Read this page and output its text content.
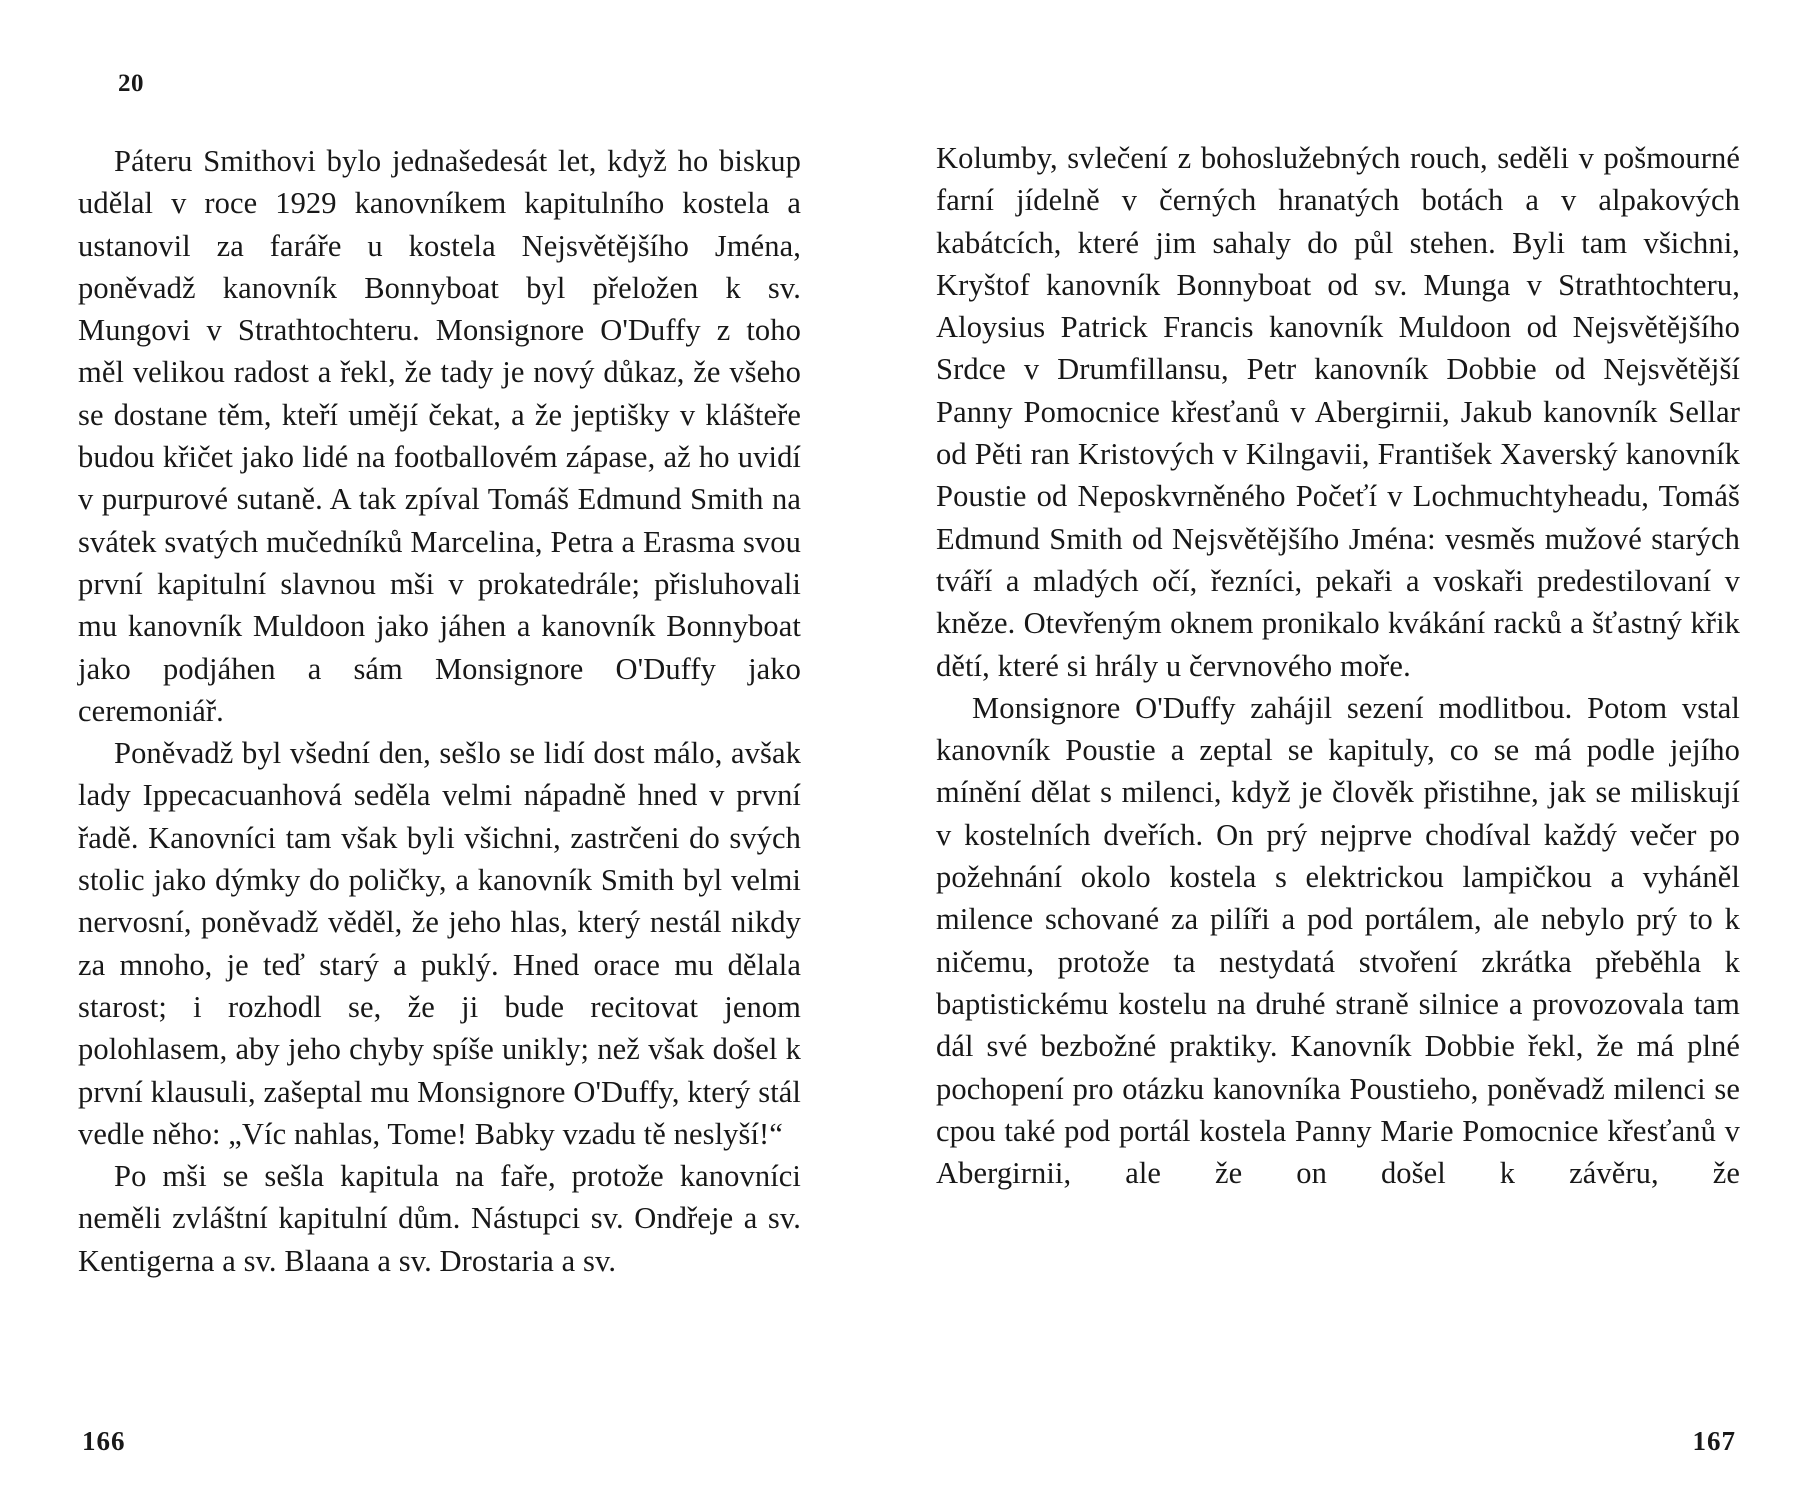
20

Páteru Smithovi bylo jednašedesát let, když ho biskup udělal v roce 1929 kanovníkem kapitulního kostela a ustanovil za faráře u kostela Nejsvětějšího Jména, poněvadž kanovník Bonnyboat byl přeložen k sv. Mungovi v Strathtochteru. Monsignore O'Duffy z toho měl velikou radost a řekl, že tady je nový důkaz, že všeho se dostane těm, kteří umějí čekat, a že jeptišky v klášteře budou křičet jako lidé na footballovém zápase, až ho uvidí v purpurové sutaně. A tak zpíval Tomáš Edmund Smith na svátek svatých mučedníků Marcelina, Petra a Erasma svou první kapitulní slavnou mši v prokatedrále; přisluhovali mu kanovník Muldoon jako jáhen a kanovník Bonnyboat jako podjáhen a sám Monsignore O'Duffy jako ceremoniář.

Poněvadž byl všední den, sešlo se lidí dost málo, avšak lady Ippecacuanhová seděla velmi nápadně hned v první řadě. Kanovníci tam však byli všichni, zastrčeni do svých stolic jako dýmky do poličky, a kanovník Smith byl velmi nervosní, poněvadž věděl, že jeho hlas, který nestál nikdy za mnoho, je teď starý a puklý. Hned orace mu dělala starost; i rozhodl se, že ji bude recitovat jenom polohlasem, aby jeho chyby spíše unikly; než však došel k první klausuli, zašeptal mu Monsignore O'Duffy, který stál vedle něho: „Víc nahlas, Tome! Babky vzadu tě neslyší!“

Po mši se sešla kapitula na faře, protože kanovníci neměli zvláštní kapitulní dům. Nástupci sv. Ondřeje a sv. Kentigerna a sv. Blaana a sv. Drostaria a sv.

166

Kolumby, svlečení z bohoslužebných rouch, seděli v pošmourné farní jídelně v černých hranatých botách a v alpakových kabátcích, které jim sahaly do půl stehen. Byli tam všichni, Kryštof kanovník Bonnyboat od sv. Munga v Strathtochteru, Aloysius Patrick Francis kanovník Muldoon od Nejsvětějšího Srdce v Drumfillansu, Petr kanovník Dobbie od Nejsvětější Panny Pomocnice křesťanů v Abergirnii, Jakub kanovník Sellar od Pěti ran Kristových v Kilngavii, František Xaverský kanovník Poustie od Neposkvrněného Počeťí v Lochmuchtyheadu, Tomáš Edmund Smith od Nejsvětějšího Jména: vesměs mužové starých tváří a mladých očí, řezníci, pekaři a voskaři predestilovaní v kněze. Otevřeným oknem pronikalo kvákání racků a šťastný křik dětí, které si hrály u červnového moře.

Monsignore O'Duffy zahájil sezení modlitbou. Potom vstal kanovník Poustie a zeptal se kapituly, co se má podle jejího mínění dělat s milenci, když je člověk přistihne, jak se miliskují v kostelních dveřích. On prý nejprve chodíval každý večer po požehnání okolo kostela s elektrickou lampičkou a vyháněl milence schované za pilíři a pod portálem, ale nebylo prý to k ničemu, protože ta nestydatá stvoření zkrátka přeběhla k baptistickému kostelu na druhé straně silnice a provozovala tam dál své bezbožné praktiky. Kanovník Dobbie řekl, že má plné pochopení pro otázku kanovníka Poustieho, poněvadž milenci se cpou také pod portál kostela Panny Marie Pomocnice křesťanů v Abergirnii, ale že on došel k závěru, že

167
